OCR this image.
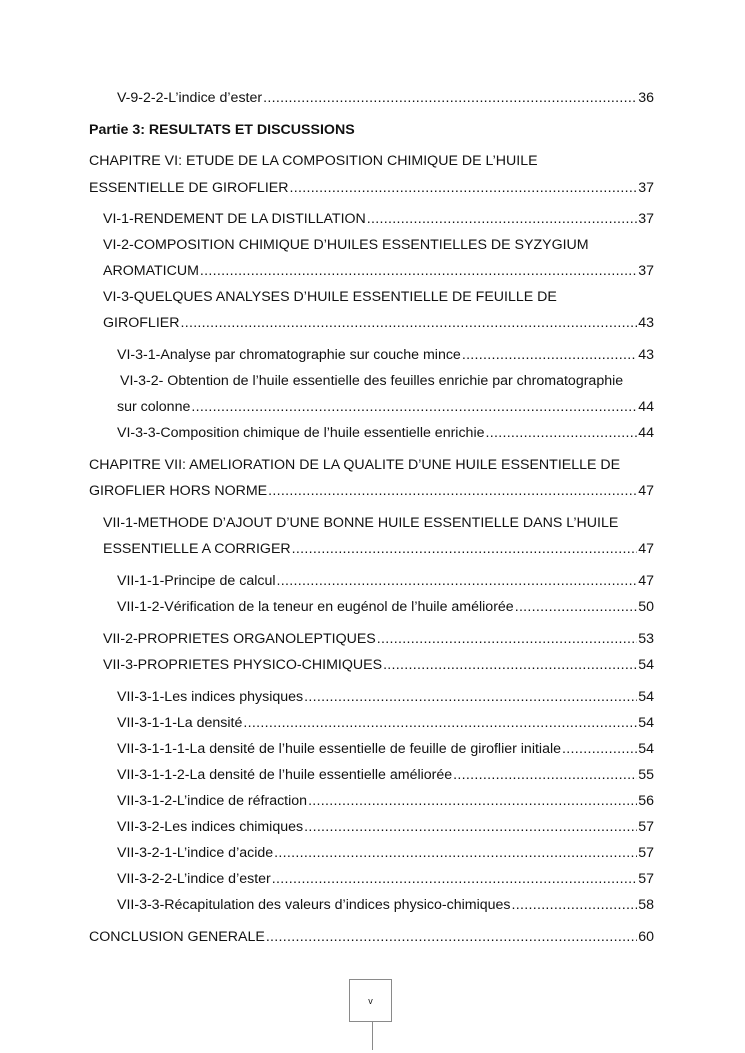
V-9-2-2-L’indice d’ester .....	36
Partie 3: RESULTATS ET DISCUSSIONS
CHAPITRE VI: ETUDE DE LA COMPOSITION CHIMIQUE DE L’HUILE
ESSENTIELLE DE GIROFLIER .....	37
VI-1-RENDEMENT DE LA DISTILLATION .....	37
VI-2-COMPOSITION CHIMIQUE D’HUILES ESSENTIELLES DE SYZYGIUM
AROMATICUM .....	37
VI-3-QUELQUES ANALYSES D’HUILE ESSENTIELLE DE FEUILLE DE
GIROFLIER .....	43
VI-3-1-Analyse par chromatographie sur couche mince .....	43
VI-3-2- Obtention de l’huile essentielle des feuilles enrichie par chromatographie
sur colonne .....	44
VI-3-3-Composition chimique de l’huile essentielle enrichie .....	44
CHAPITRE VII: AMELIORATION DE LA QUALITE D’UNE HUILE ESSENTIELLE DE
GIROFLIER HORS NORME .....	47
VII-1-METHODE D’AJOUT D’UNE BONNE HUILE ESSENTIELLE DANS L’HUILE
ESSENTIELLE A CORRIGER .....	47
VII-1-1-Principe de calcul .....	47
VII-1-2-Vérification de la teneur en eugénol de l’huile améliorée .....	50
VII-2-PROPRIETES ORGANOLEPTIQUES .....	53
VII-3-PROPRIETES PHYSICO-CHIMIQUES .....	54
VII-3-1-Les indices physiques .....	54
VII-3-1-1-La densité .....	54
VII-3-1-1-1-La densité de l’huile essentielle de feuille de giroflier initiale .....	54
VII-3-1-1-2-La densité de l’huile essentielle améliorée .....	55
VII-3-1-2-L’indice de réfraction .....	56
VII-3-2-Les indices chimiques .....	57
VII-3-2-1-L’indice d’acide .....	57
VII-3-2-2-L’indice d’ester .....	57
VII-3-3-Récapitulation des valeurs d’indices physico-chimiques .....	58
CONCLUSION GENERALE .....	60
v
